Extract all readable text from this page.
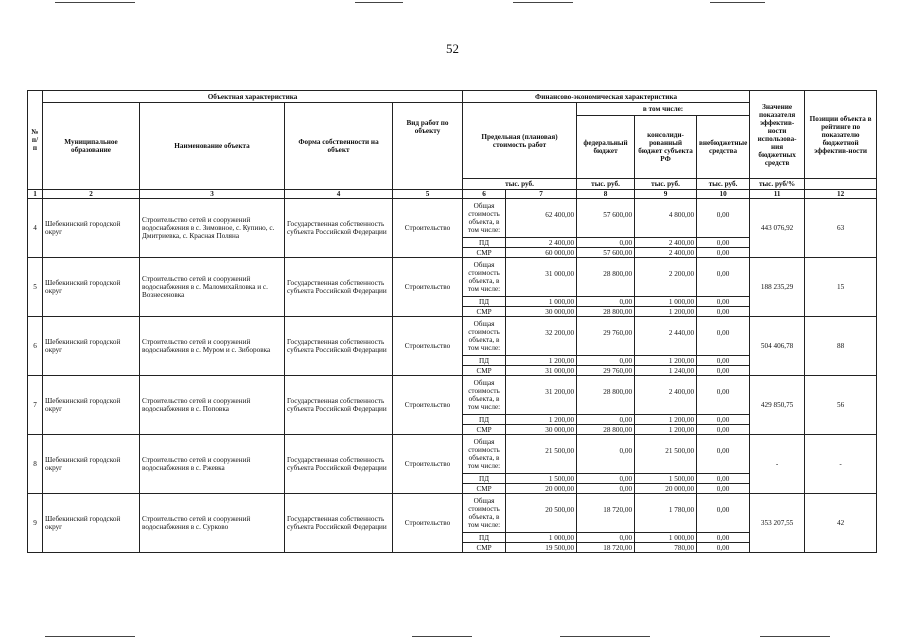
52
№ п/п	Объектная характеристика				Финансово-экономическая характеристика					Значение показателя эффектив-ности использова-ния бюджетных средств	Позиции объекта в рейтинге по показателю бюджетной эффектив-ности
	Муниципальное образование	Наименование объекта	Форма собственности на объект	Вид работ по объекту	Предельная (плановая) стоимость работ		в том числе:				
							федеральный бюджет	консолиди-рованный бюджет субъекта РФ	внебюджетные средства		
					тыс. руб.		тыс. руб.	тыс. руб.	тыс. руб.	тыс. руб/%	
1	2	3	4	5	6	7	8	9	10	11	12
4	Шебекинский городской округ	Строительство сетей и сооружений водоснабжения в с. Зимовное, с. Купино, с. Дмитриевка, с. Красная Поляна	Государственная собственность субъекта Российской Федерации	Строительство	Общая стоимость объекта, в том числе:	62 400,00	57 600,00	4 800,00	0,00	443 076,92	63
					ПД	2 400,00	0,00	2 400,00	0,00		
					СМР	60 000,00	57 600,00	2 400,00	0,00		
5	Шебекинский городской округ	Строительство сетей и сооружений водоснабжения в с. Маломихайловка и с. Вознесеновка	Государственная собственность субъекта Российской Федерации	Строительство	Общая стоимость объекта, в том числе:	31 000,00	28 800,00	2 200,00	0,00	188 235,29	15
					ПД	1 000,00	0,00	1 000,00	0,00		
					СМР	30 000,00	28 800,00	1 200,00	0,00		
6	Шебекинский городской округ	Строительство сетей и сооружений водоснабжения в с. Муром и с. Зиборовка	Государственная собственность субъекта Российской Федерации	Строительство	Общая стоимость объекта, в том числе:	32 200,00	29 760,00	2 440,00	0,00	504 406,78	88
					ПД	1 200,00	0,00	1 200,00	0,00		
					СМР	31 000,00	29 760,00	1 240,00	0,00		
7	Шебекинский городской округ	Строительство сетей и сооружений водоснабжения в с. Поповка	Государственная собственность субъекта Российской Федерации	Строительство	Общая стоимость объекта, в том числе:	31 200,00	28 800,00	2 400,00	0,00	429 850,75	56
					ПД	1 200,00	0,00	1 200,00	0,00		
					СМР	30 000,00	28 800,00	1 200,00	0,00		
8	Шебекинский городской округ	Строительство сетей и сооружений водоснабжения в с. Ржевка	Государственная собственность субъекта Российской Федерации	Строительство	Общая стоимость объекта, в том числе:	21 500,00	0,00	21 500,00	0,00	-	-
					ПД	1 500,00	0,00	1 500,00	0,00		
					СМР	20 000,00	0,00	20 000,00	0,00		
9	Шебекинский городской округ	Строительство сетей и сооружений водоснабжения в с. Сурково	Государственная собственность субъекта Российской Федерации	Строительство	Общая стоимость объекта, в том числе:	20 500,00	18 720,00	1 780,00	0,00	353 207,55	42
					ПД	1 000,00	0,00	1 000,00	0,00		
					СМР	19 500,00	18 720,00	780,00	0,00		
